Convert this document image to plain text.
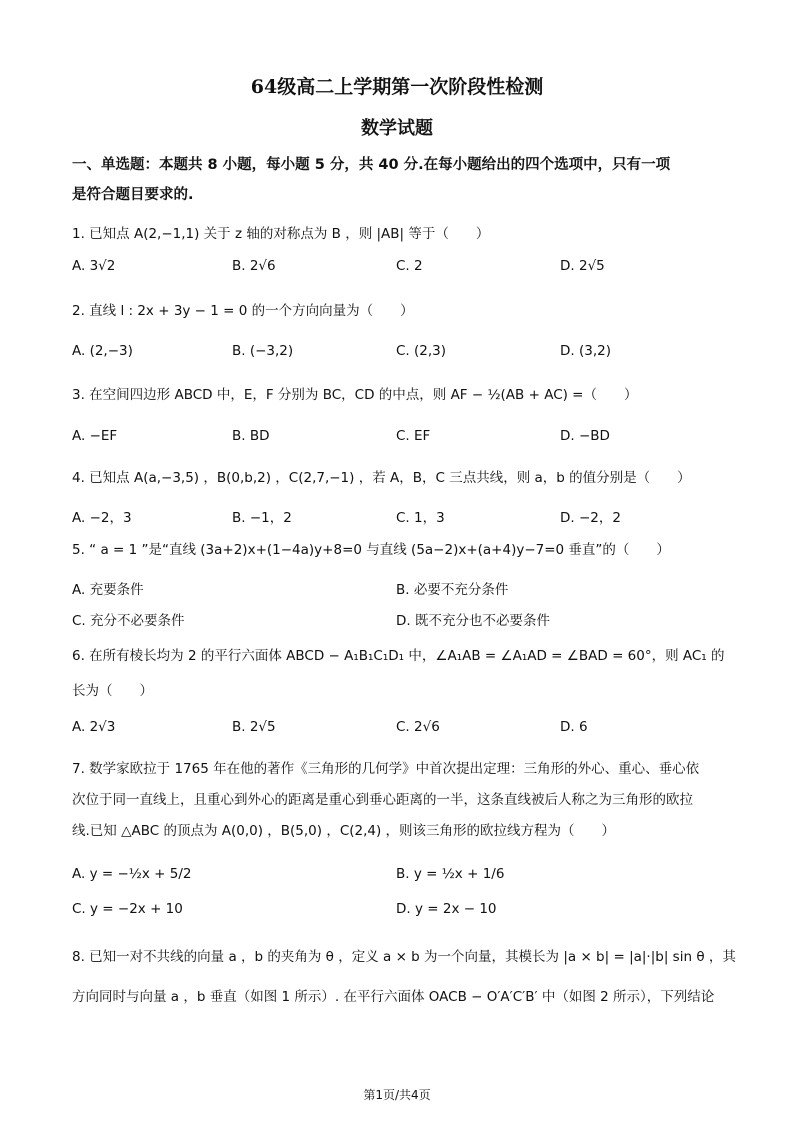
64级高二上学期第一次阶段性检测
数学试题
一、单选题：本题共 8 小题，每小题 5 分，共 40 分.在每小题给出的四个选项中，只有一项
是符合题目要求的.
1. 已知点 A(2,−1,1) 关于 z 轴的对称点为 B ，则 |AB| 等于（　　）
A. 3√2	B. 2√6	C. 2	D. 2√5
2. 直线 l : 2x + 3y − 1 = 0 的一个方向向量为（　　）
A. (2,−3)	B. (−3,2)	C. (2,3)	D. (3,2)
3. 在空间四边形 ABCD 中，E，F 分别为 BC，CD 的中点，则 AF − ½(AB + AC) =（　　）
A. −EF	B. BD	C. EF	D. −BD
4. 已知点 A(a,−3,5) ，B(0,b,2) ，C(2,7,−1) ，若 A，B，C 三点共线，则 a，b 的值分别是（　　）
A. −2，3	B. −1，2	C. 1，3	D. −2，2
5. “ a = 1 ”是“直线 (3a+2)x+(1−4a)y+8=0 与直线 (5a−2)x+(a+4)y−7=0 垂直”的（　　）
A. 充要条件	B. 必要不充分条件
C. 充分不必要条件	D. 既不充分也不必要条件
6. 在所有棱长均为 2 的平行六面体 ABCD − A₁B₁C₁D₁ 中，∠A₁AB = ∠A₁AD = ∠BAD = 60°，则 AC₁ 的
长为（　　）
A. 2√3	B. 2√5	C. 2√6	D. 6
7. 数学家欧拉于 1765 年在他的著作《三角形的几何学》中首次提出定理：三角形的外心、重心、垂心依
次位于同一直线上，且重心到外心的距离是重心到垂心距离的一半，这条直线被后人称之为三角形的欧拉
线.已知 △ABC 的顶点为 A(0,0) ，B(5,0) ，C(2,4) ，则该三角形的欧拉线方程为（　　）
A. y = −½x + 5/2	B. y = ½x + 1/6
C. y = −2x + 10	D. y = 2x − 10
8. 已知一对不共线的向量 a ，b 的夹角为 θ ，定义 a × b 为一个向量，其模长为 |a × b| = |a|·|b| sin θ ，其
方向同时与向量 a ，b 垂直（如图 1 所示）. 在平行六面体 OACB − O′A′C′B′ 中（如图 2 所示），下列结论
第1页/共4页
